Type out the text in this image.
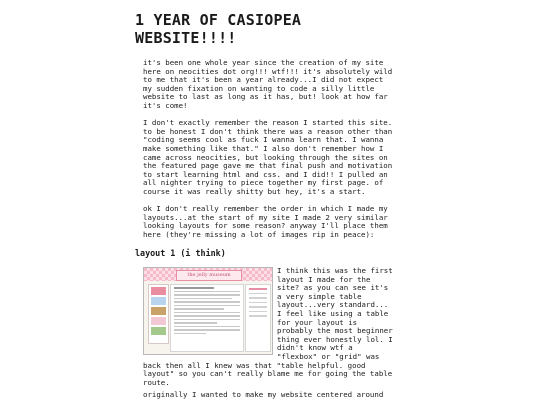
1 YEAR OF CASIOPEA WEBSITE!!!!

it's been one whole year since the creation of my site here on neocities dot org!!! wtf!!! it's absolutely wild to me that it's been a year already...I did not expect my sudden fixation on wanting to code a silly little website to last as long as it has, but! look at how far it's come!

I don't exactly remember the reason I started this site. to be honest I don't think there was a reason other than "coding seems cool as fuck I wanna learn that. I wanna make something like that." I also don't remember how I came across neocities, but looking through the sites on the featured page gave me that final push and motivation to start learning html and css. and I did!! I pulled an all nighter trying to piece together my first page. of course it was really shitty but hey, it's a start.

ok I don't really remember the order in which I made my layouts...at the start of my site I made 2 very similar looking layouts for some reason? anyway I'll place them here (they're missing a lot of images rip in peace):

layout 1 (i think)
the jelly museum	I think this was the first layout I made for the site? as you can see it's a very simple table layout...very standard... I feel like using a table for your layout is probably the most beginner thing ever honestly lol. I didn't know wtf a "flexbox" or "grid" was back then all I knew was that "table helpful. good layout" so you can't really blame me for going the table route.
originally I wanted to make my website centered around
